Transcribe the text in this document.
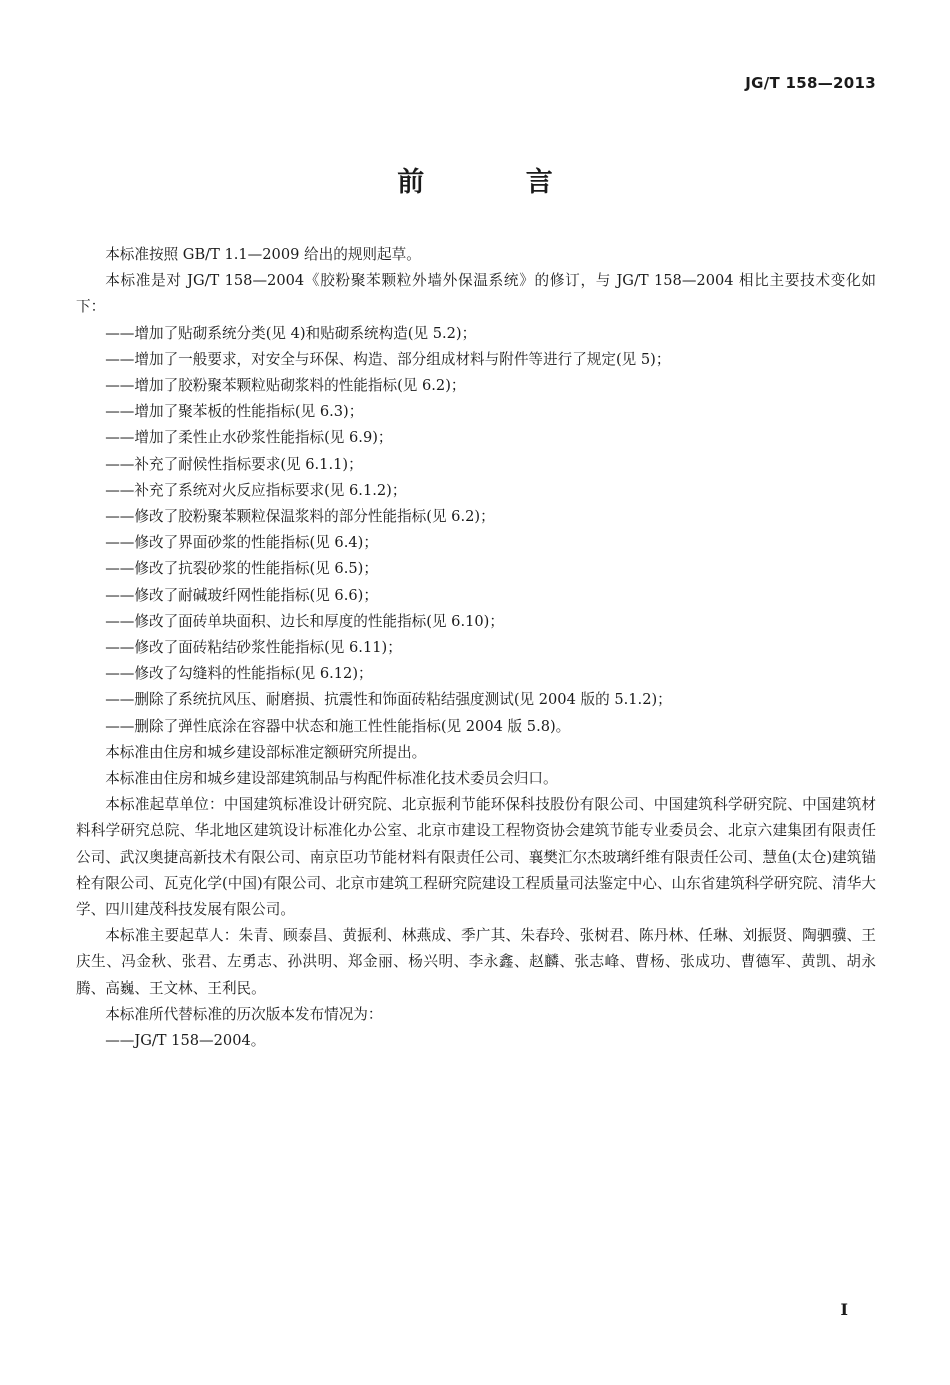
JG/T 158—2013
前 言

本标准按照 GB/T 1.1—2009 给出的规则起草。

本标准是对 JG/T 158—2004《胶粉聚苯颗粒外墙外保温系统》的修订，与 JG/T 158—2004 相比主要技术变化如下：

——增加了贴砌系统分类(见 4)和贴砌系统构造(见 5.2)；
——增加了一般要求，对安全与环保、构造、部分组成材料与附件等进行了规定(见 5)；
——增加了胶粉聚苯颗粒贴砌浆料的性能指标(见 6.2)；
——增加了聚苯板的性能指标(见 6.3)；
——增加了柔性止水砂浆性能指标(见 6.9)；
——补充了耐候性指标要求(见 6.1.1)；
——补充了系统对火反应指标要求(见 6.1.2)；
——修改了胶粉聚苯颗粒保温浆料的部分性能指标(见 6.2)；
——修改了界面砂浆的性能指标(见 6.4)；
——修改了抗裂砂浆的性能指标(见 6.5)；
——修改了耐碱玻纤网性能指标(见 6.6)；
——修改了面砖单块面积、边长和厚度的性能指标(见 6.10)；
——修改了面砖粘结砂浆性能指标(见 6.11)；
——修改了勾缝料的性能指标(见 6.12)；
——删除了系统抗风压、耐磨损、抗震性和饰面砖粘结强度测试(见 2004 版的 5.1.2)；
——删除了弹性底涂在容器中状态和施工性性能指标(见 2004 版 5.8)。

本标准由住房和城乡建设部标准定额研究所提出。

本标准由住房和城乡建设部建筑制品与构配件标准化技术委员会归口。

本标准起草单位：中国建筑标准设计研究院、北京振利节能环保科技股份有限公司、中国建筑科学研究院、中国建筑材料科学研究总院、华北地区建筑设计标准化办公室、北京市建设工程物资协会建筑节能专业委员会、北京六建集团有限责任公司、武汉奥捷高新技术有限公司、南京臣功节能材料有限责任公司、襄樊汇尔杰玻璃纤维有限责任公司、慧鱼(太仓)建筑锚栓有限公司、瓦克化学(中国)有限公司、北京市建筑工程研究院建设工程质量司法鉴定中心、山东省建筑科学研究院、清华大学、四川建茂科技发展有限公司。

本标准主要起草人：朱青、顾泰昌、黄振利、林燕成、季广其、朱春玲、张树君、陈丹林、任琳、刘振贤、陶驷骥、王庆生、冯金秋、张君、左勇志、孙洪明、郑金丽、杨兴明、李永鑫、赵麟、张志峰、曹杨、张成功、曹德军、黄凯、胡永腾、高巍、王文林、王利民。

本标准所代替标准的历次版本发布情况为：

——JG/T 158—2004。
I
